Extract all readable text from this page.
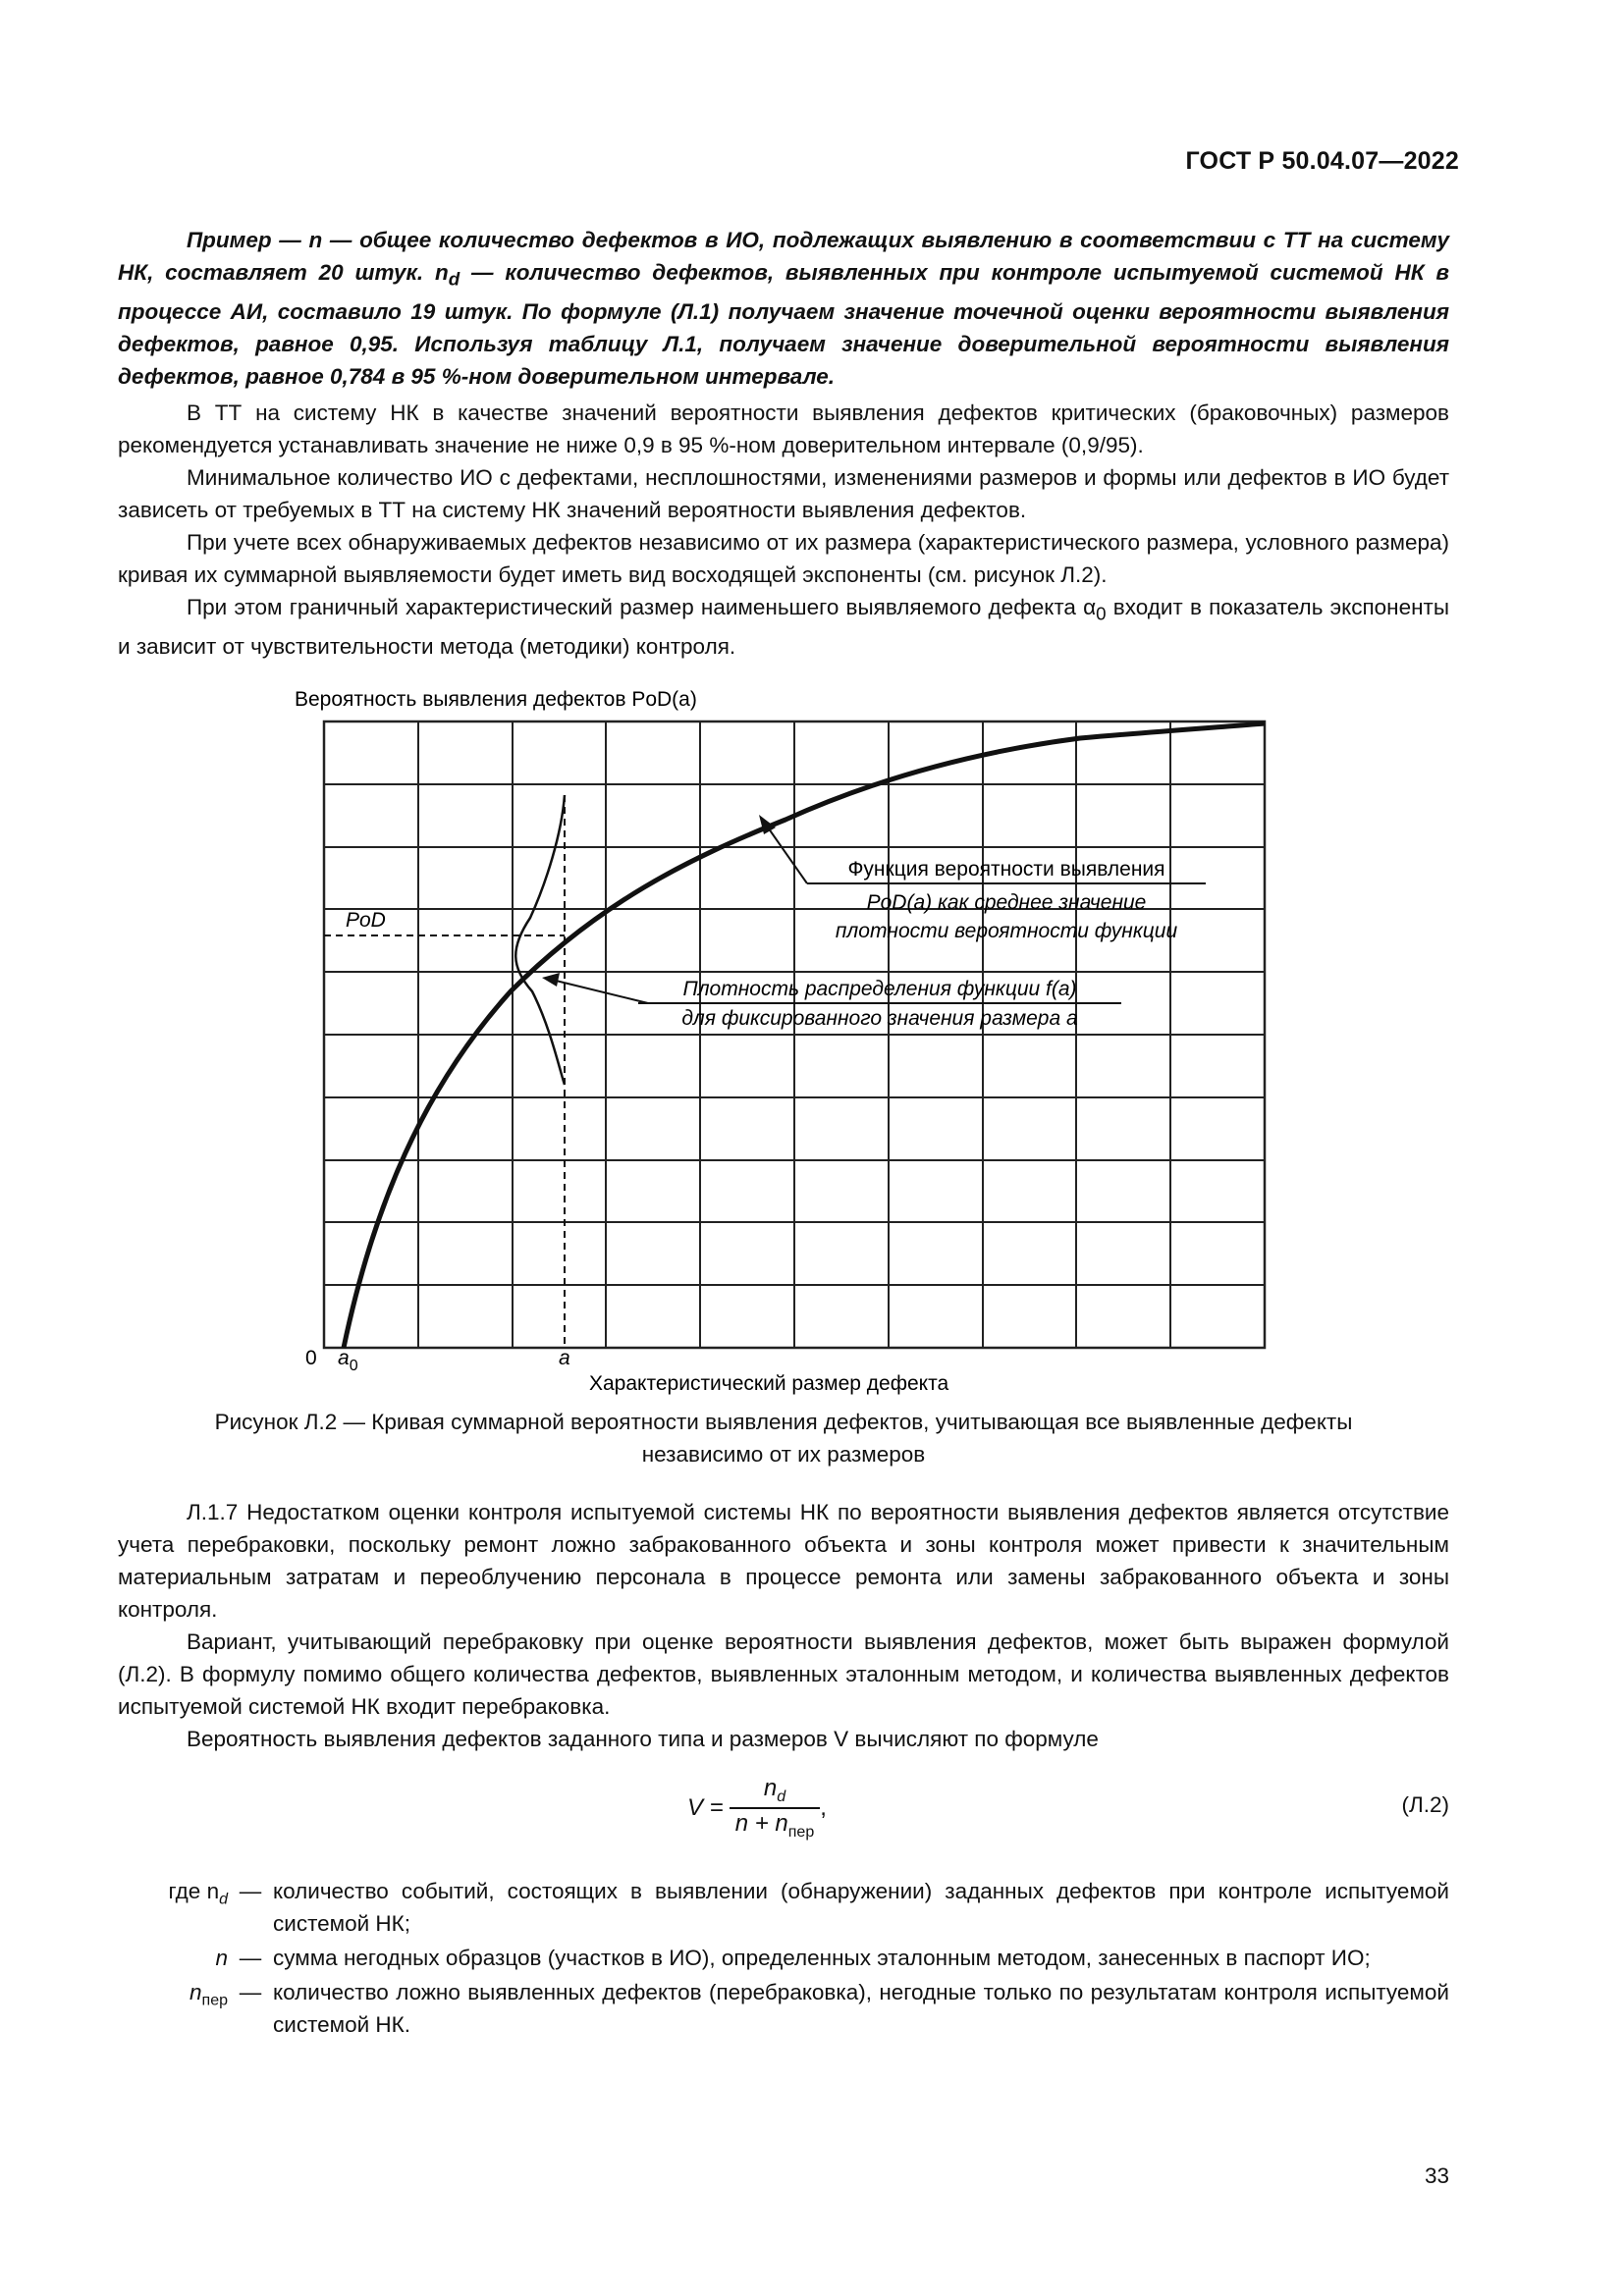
ГОСТ Р 50.04.07—2022

Пример — n — общее количество дефектов в ИО, подлежащих выявлению в соответствии с ТТ на систему НК, составляет 20 штук. $n_d$ — количество дефектов, выявленных при контроле испытуемой системой НК в процессе АИ, составило 19 штук. По формуле (Л.1) получаем значение точечной оценки вероятности выявления дефектов, равное 0,95. Используя таблицу Л.1, получаем значение доверительной вероятности выявления дефектов, равное 0,784 в 95 %-ном доверительном интервале.

В ТТ на систему НК в качестве значений вероятности выявления дефектов критических (браковочных) размеров рекомендуется устанавливать значение не ниже 0,9 в 95 %-ном доверительном интервале (0,9/95).

Минимальное количество ИО с дефектами, несплошностями, изменениями размеров и формы или дефектов в ИО будет зависеть от требуемых в ТТ на систему НК значений вероятности выявления дефектов.

При учете всех обнаруживаемых дефектов независимо от их размера (характеристического размера, условного размера) кривая их суммарной выявляемости будет иметь вид восходящей экспоненты (см. рисунок Л.2).

При этом граничный характеристический размер наименьшего выявляемого дефекта $\alpha_0$ входит в показатель экспоненты и зависит от чувствительности метода (методики) контроля.

Вероятность выявления дефектов PoD(a)
Функция вероятности выявления
PoD(a) как среднее значение
плотности вероятности функции
Плотность распределения функции f(a)
для фиксированного значения размера a
PoD
0 $a_0$	a
Характеристический размер дефекта
Рисунок Л.2 — Кривая суммарной вероятности выявления дефектов, учитывающая все выявленные дефекты
независимо от их размеров

Л.1.7 Недостатком оценки контроля испытуемой системы НК по вероятности выявления дефектов является отсутствие учета перебраковки, поскольку ремонт ложно забракованного объекта и зоны контроля может привести к значительным материальным затратам и переоблучению персонала в процессе ремонта или замены забракованного объекта и зоны контроля.

Вариант, учитывающий перебраковку при оценке вероятности выявления дефектов, может быть выражен формулой (Л.2). В формулу помимо общего количества дефектов, выявленных эталонным методом, и количества выявленных дефектов испытуемой системой НК входит перебраковка.

Вероятность выявления дефектов заданного типа и размеров V вычисляют по формуле

V =
$n_d$
$n + n_{пер}$
,	(Л.2)
где $n_d$ — количество событий, состоящих в выявлении (обнаружении) заданных дефектов при контроле испытуемой системой НК;
n — сумма негодных образцов (участков в ИО), определенных эталонным методом, занесенных в паспорт ИО;
$n_{пер}$ — количество ложно выявленных дефектов (перебраковка), негодные только по результатам контроля испытуемой системой НК.
33
